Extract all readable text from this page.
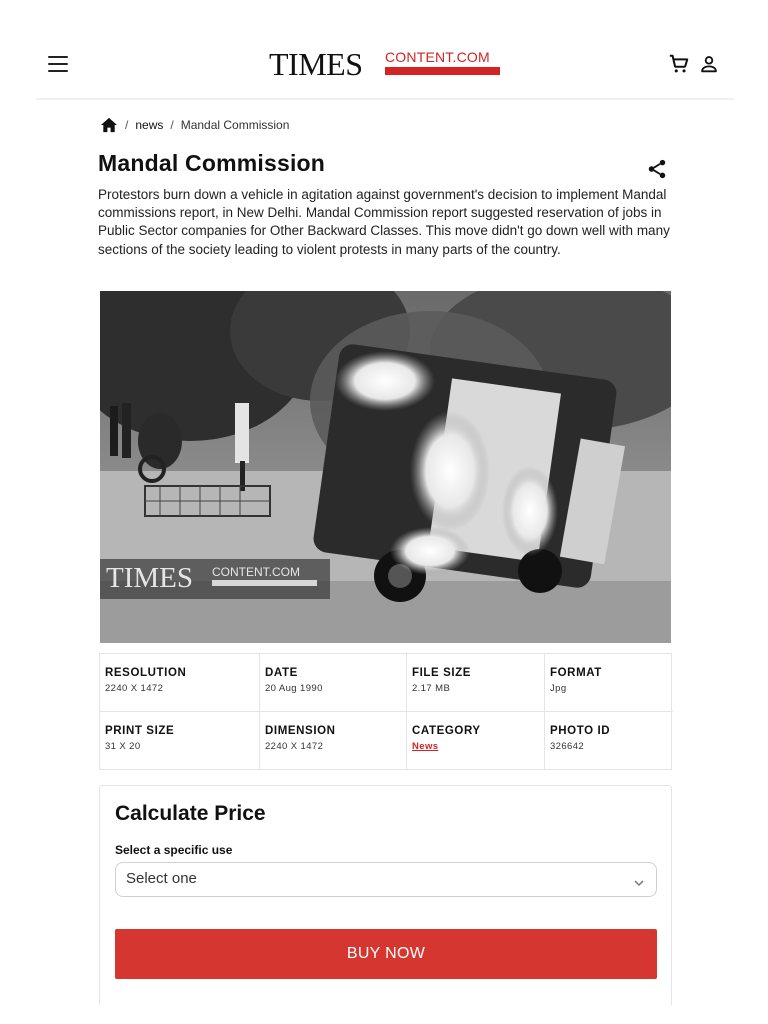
TIMES CONTENT.COM
/ news / Mandal Commission
Mandal Commission

Protestors burn down a vehicle in agitation against government's decision to implement Mandal commissions report, in New Delhi. Mandal Commission report suggested reservation of jobs in Public Sector companies for Other Backward Classes. This move didn't go down well with many sections of the society leading to violent protests in many parts of the country.

TIMES CONTENT.COM
RESOLUTION
2240 X 1472
DATE
20 Aug 1990
FILE SIZE
2.17 MB
FORMAT
Jpg
PRINT SIZE
31 X 20
DIMENSION
2240 X 1472
CATEGORY
News
PHOTO ID
326642
Calculate Price
Select a specific use
Select one
BUY NOW
